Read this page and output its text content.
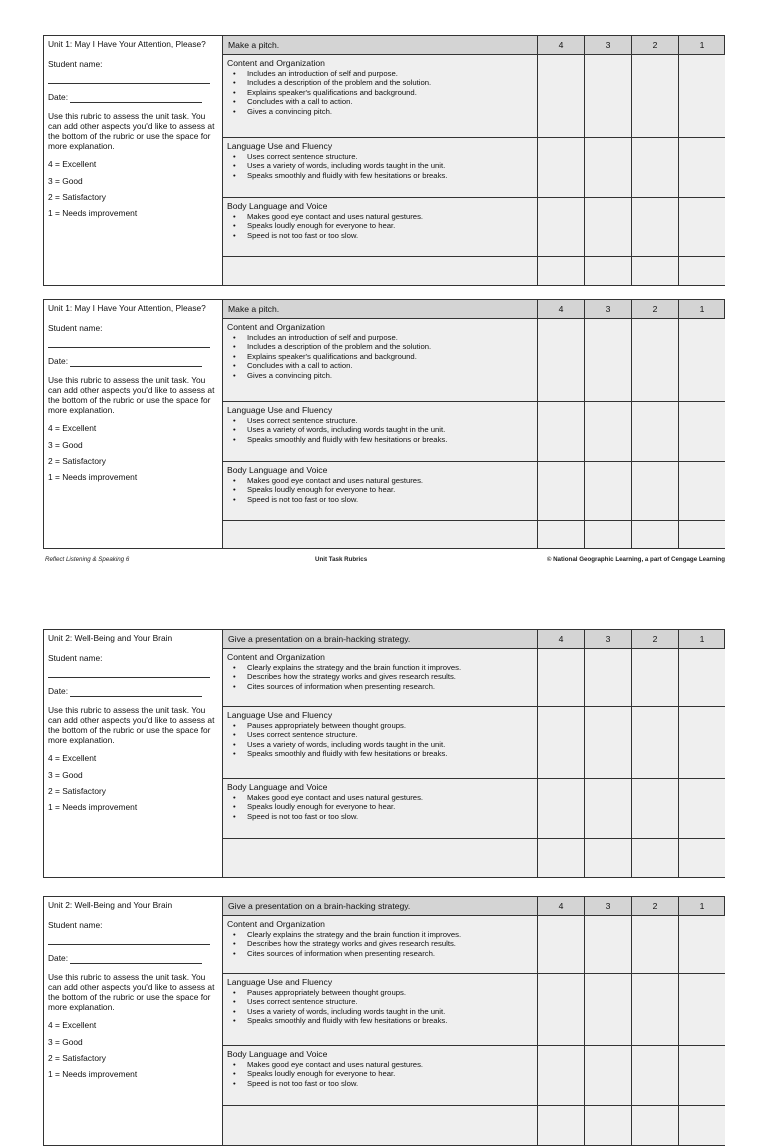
Unit 1: May I Have Your Attention, Please?
Student name:
Date:
Use this rubric to assess the unit task. You can add other aspects you'd like to assess at the bottom of the rubric or use the space for more explanation.
4 = Excellent
3 = Good
2 = Satisfactory
1 = Needs improvement
Make a pitch.	4	3	2	1
Content and Organization
• Includes an introduction of self and purpose.
• Includes a description of the problem and the solution.
• Explains speaker's qualifications and background.
• Concludes with a call to action.
• Gives a convincing pitch.
Language Use and Fluency
• Uses correct sentence structure.
• Uses a variety of words, including words taught in the unit.
• Speaks smoothly and fluidly with few hesitations or breaks.
Body Language and Voice
• Makes good eye contact and uses natural gestures.
• Speaks loudly enough for everyone to hear.
• Speed is not too fast or too slow.
Unit 1: May I Have Your Attention, Please?
Student name:
Date:
Use this rubric to assess the unit task. You can add other aspects you'd like to assess at the bottom of the rubric or use the space for more explanation.
4 = Excellent
3 = Good
2 = Satisfactory
1 = Needs improvement
Make a pitch.	4	3	2	1
Content and Organization
• Includes an introduction of self and purpose.
• Includes a description of the problem and the solution.
• Explains speaker's qualifications and background.
• Concludes with a call to action.
• Gives a convincing pitch.
Language Use and Fluency
• Uses correct sentence structure.
• Uses a variety of words, including words taught in the unit.
• Speaks smoothly and fluidly with few hesitations or breaks.
Body Language and Voice
• Makes good eye contact and uses natural gestures.
• Speaks loudly enough for everyone to hear.
• Speed is not too fast or too slow.
Reflect Listening & Speaking 6	Unit Task Rubrics	© National Geographic Learning, a part of Cengage Learning
Unit 2: Well-Being and Your Brain
Student name:
Date:
Use this rubric to assess the unit task. You can add other aspects you'd like to assess at the bottom of the rubric or use the space for more explanation.
4 = Excellent
3 = Good
2 = Satisfactory
1 = Needs improvement
Give a presentation on a brain-hacking strategy.	4	3	2	1
Content and Organization
• Clearly explains the strategy and the brain function it improves.
• Describes how the strategy works and gives research results.
• Cites sources of information when presenting research.
Language Use and Fluency
• Pauses appropriately between thought groups.
• Uses correct sentence structure.
• Uses a variety of words, including words taught in the unit.
• Speaks smoothly and fluidly with few hesitations or breaks.
Body Language and Voice
• Makes good eye contact and uses natural gestures.
• Speaks loudly enough for everyone to hear.
• Speed is not too fast or too slow.
Unit 2: Well-Being and Your Brain
Student name:
Date:
Use this rubric to assess the unit task. You can add other aspects you'd like to assess at the bottom of the rubric or use the space for more explanation.
4 = Excellent
3 = Good
2 = Satisfactory
1 = Needs improvement
Give a presentation on a brain-hacking strategy.	4	3	2	1
Content and Organization
• Clearly explains the strategy and the brain function it improves.
• Describes how the strategy works and gives research results.
• Cites sources of information when presenting research.
Language Use and Fluency
• Pauses appropriately between thought groups.
• Uses correct sentence structure.
• Uses a variety of words, including words taught in the unit.
• Speaks smoothly and fluidly with few hesitations or breaks.
Body Language and Voice
• Makes good eye contact and uses natural gestures.
• Speaks loudly enough for everyone to hear.
• Speed is not too fast or too slow.
